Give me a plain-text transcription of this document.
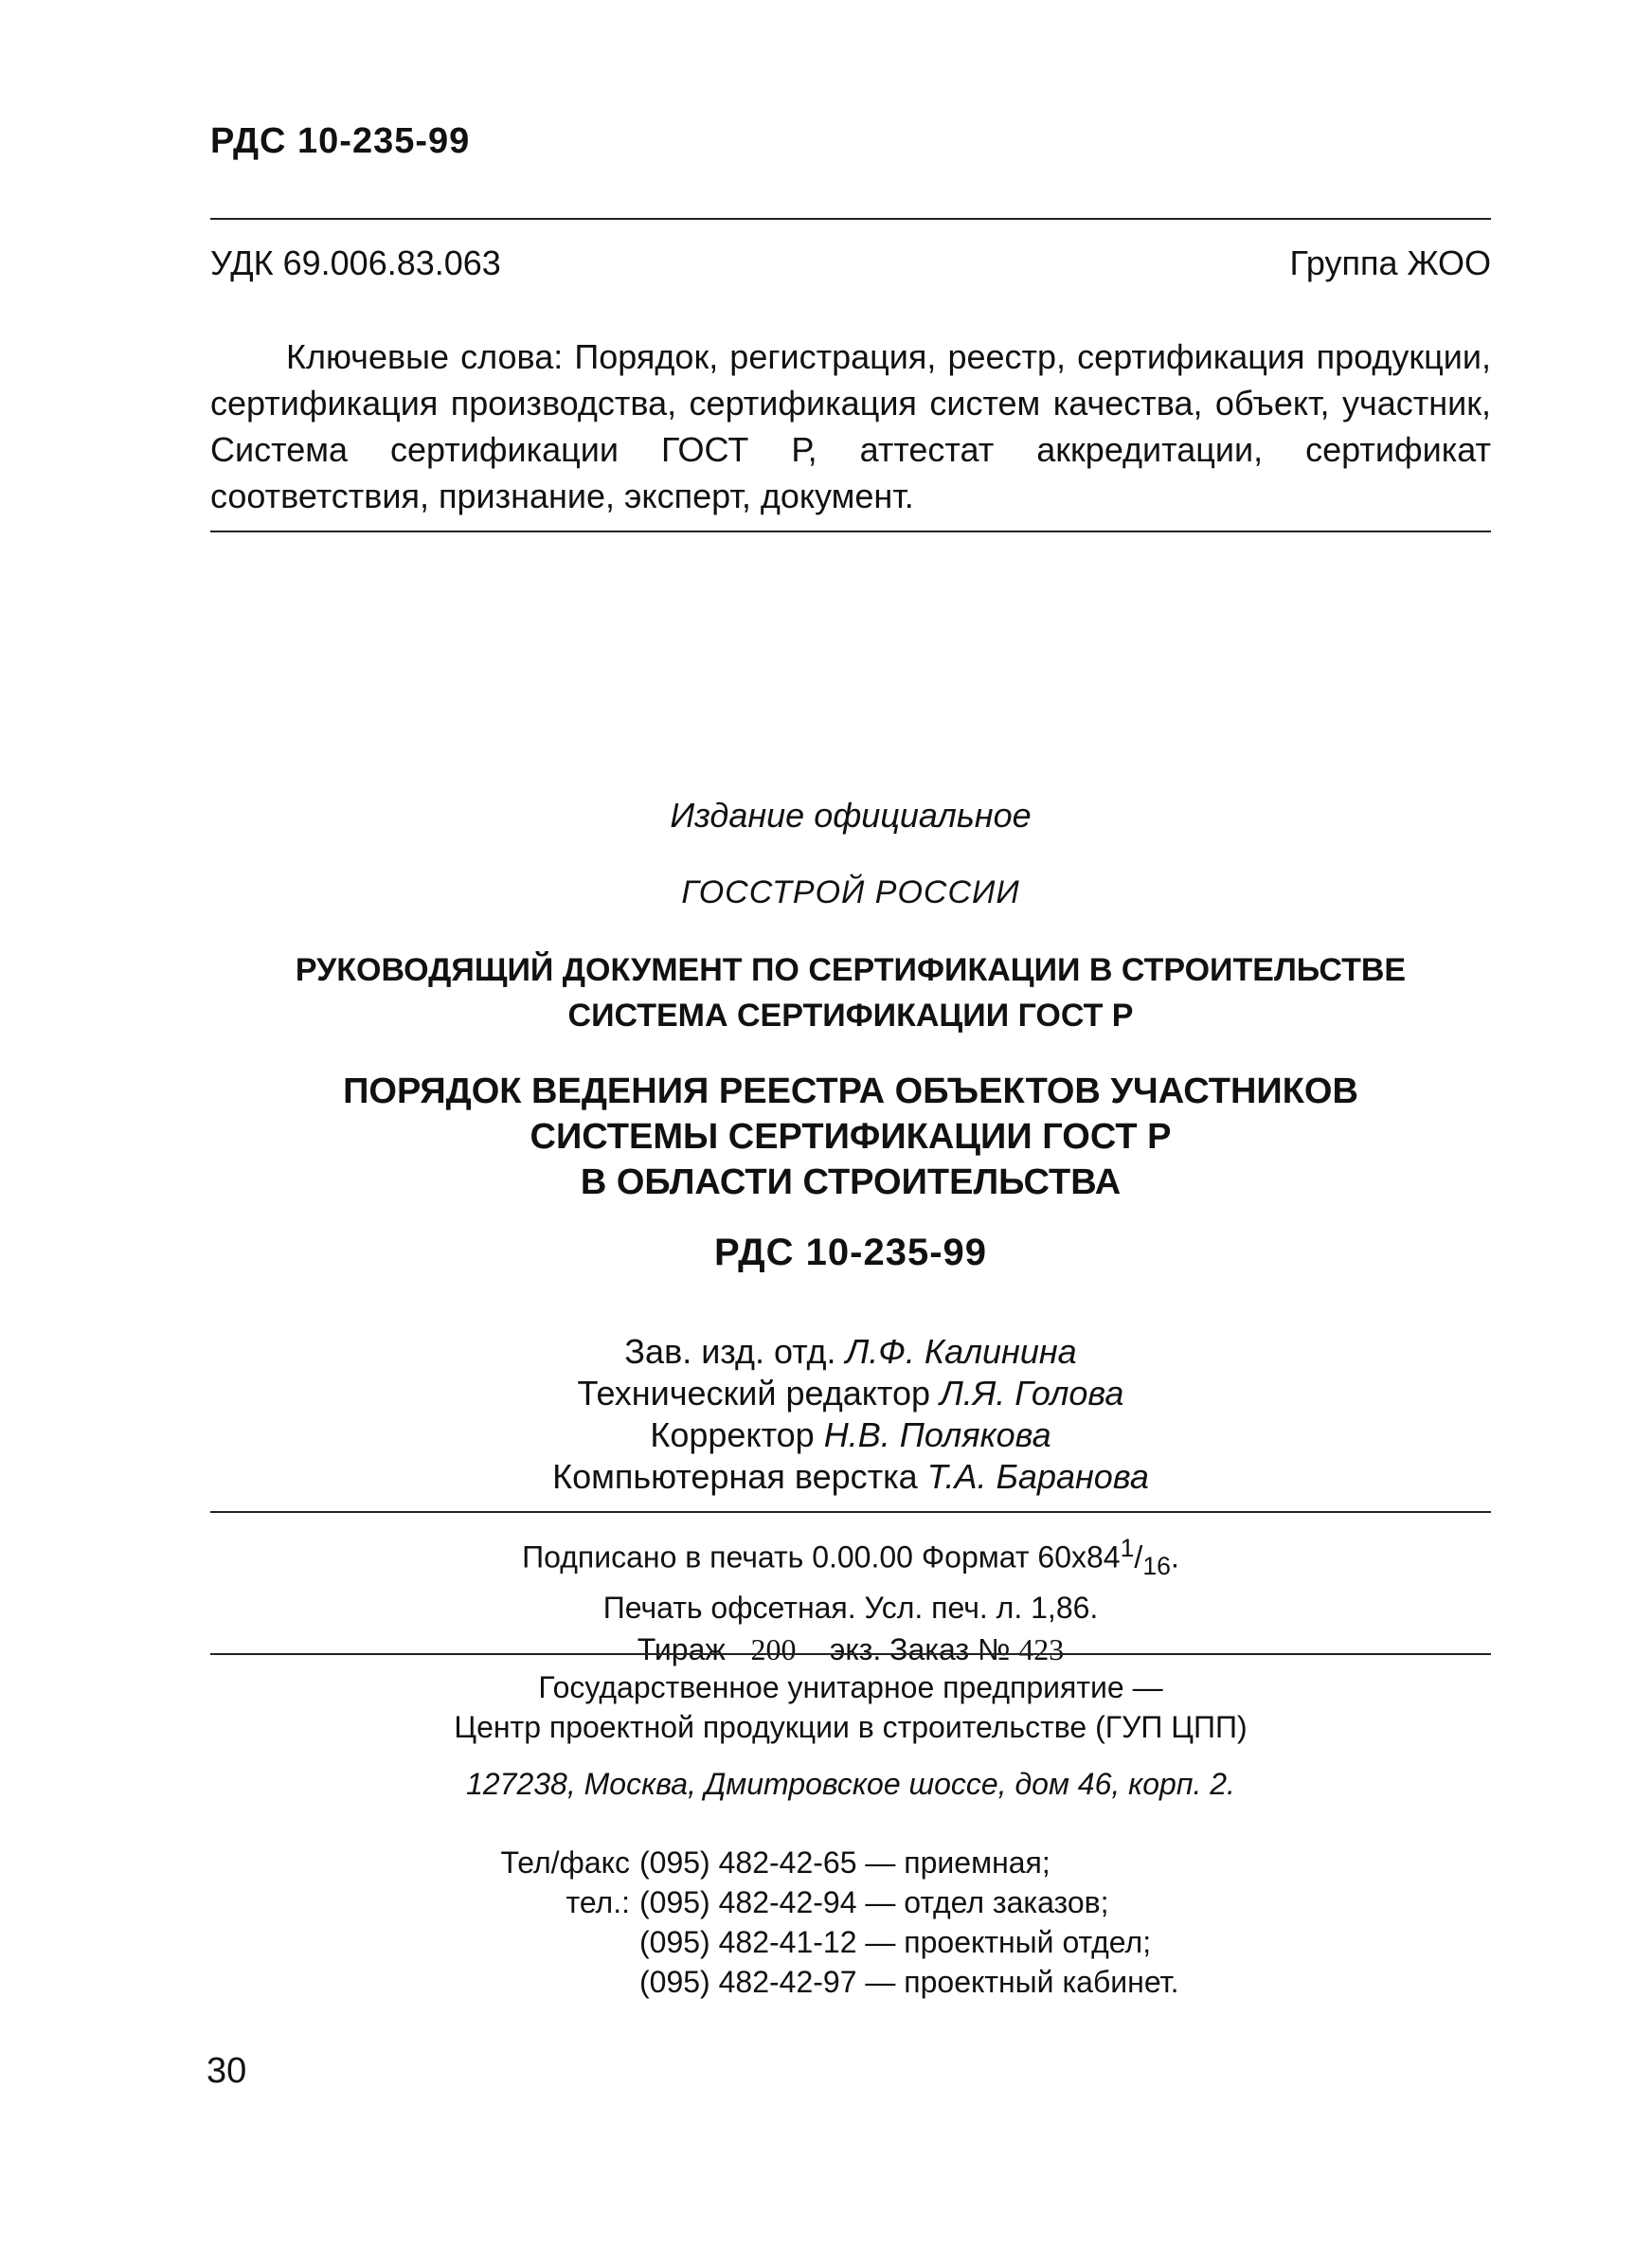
РДС 10-235-99
УДК 69.006.83.063	Группа ЖОО
Ключевые слова: Порядок, регистрация, реестр, сертификация продукции, сертификация производства, сертификация систем качества, объект, участник, Система сертификации ГОСТ Р, аттестат аккредитации, сертификат соответствия, признание, эксперт, документ.
Издание официальное
ГОССТРОЙ РОССИИ
РУКОВОДЯЩИЙ ДОКУМЕНТ ПО СЕРТИФИКАЦИИ В СТРОИТЕЛЬСТВЕ
СИСТЕМА СЕРТИФИКАЦИИ ГОСТ Р
ПОРЯДОК ВЕДЕНИЯ РЕЕСТРА ОБЪЕКТОВ УЧАСТНИКОВ
СИСТЕМЫ СЕРТИФИКАЦИИ ГОСТ Р
В ОБЛАСТИ СТРОИТЕЛЬСТВА
РДС 10-235-99
Зав. изд. отд. Л.Ф. Калинина
Технический редактор Л.Я. Голова
Корректор Н.В. Полякова
Компьютерная верстка Т.А. Баранова
Подписано в печать 0.00.00 Формат $60x84^1/_{16}$.
Печать офсетная. Усл. печ. л. 1,86.
Тираж 200 экз. Заказ № 423
Государственное унитарное предприятие —
Центр проектной продукции в строительстве (ГУП ЦПП)
127238, Москва, Дмитровское шоссе, дом 46, корп. 2.
Тел/факс (095) 482-42-65 — приемная;
тел.: (095) 482-42-94 — отдел заказов;
(095) 482-41-12 — проектный отдел;
(095) 482-42-97 — проектный кабинет.
30
